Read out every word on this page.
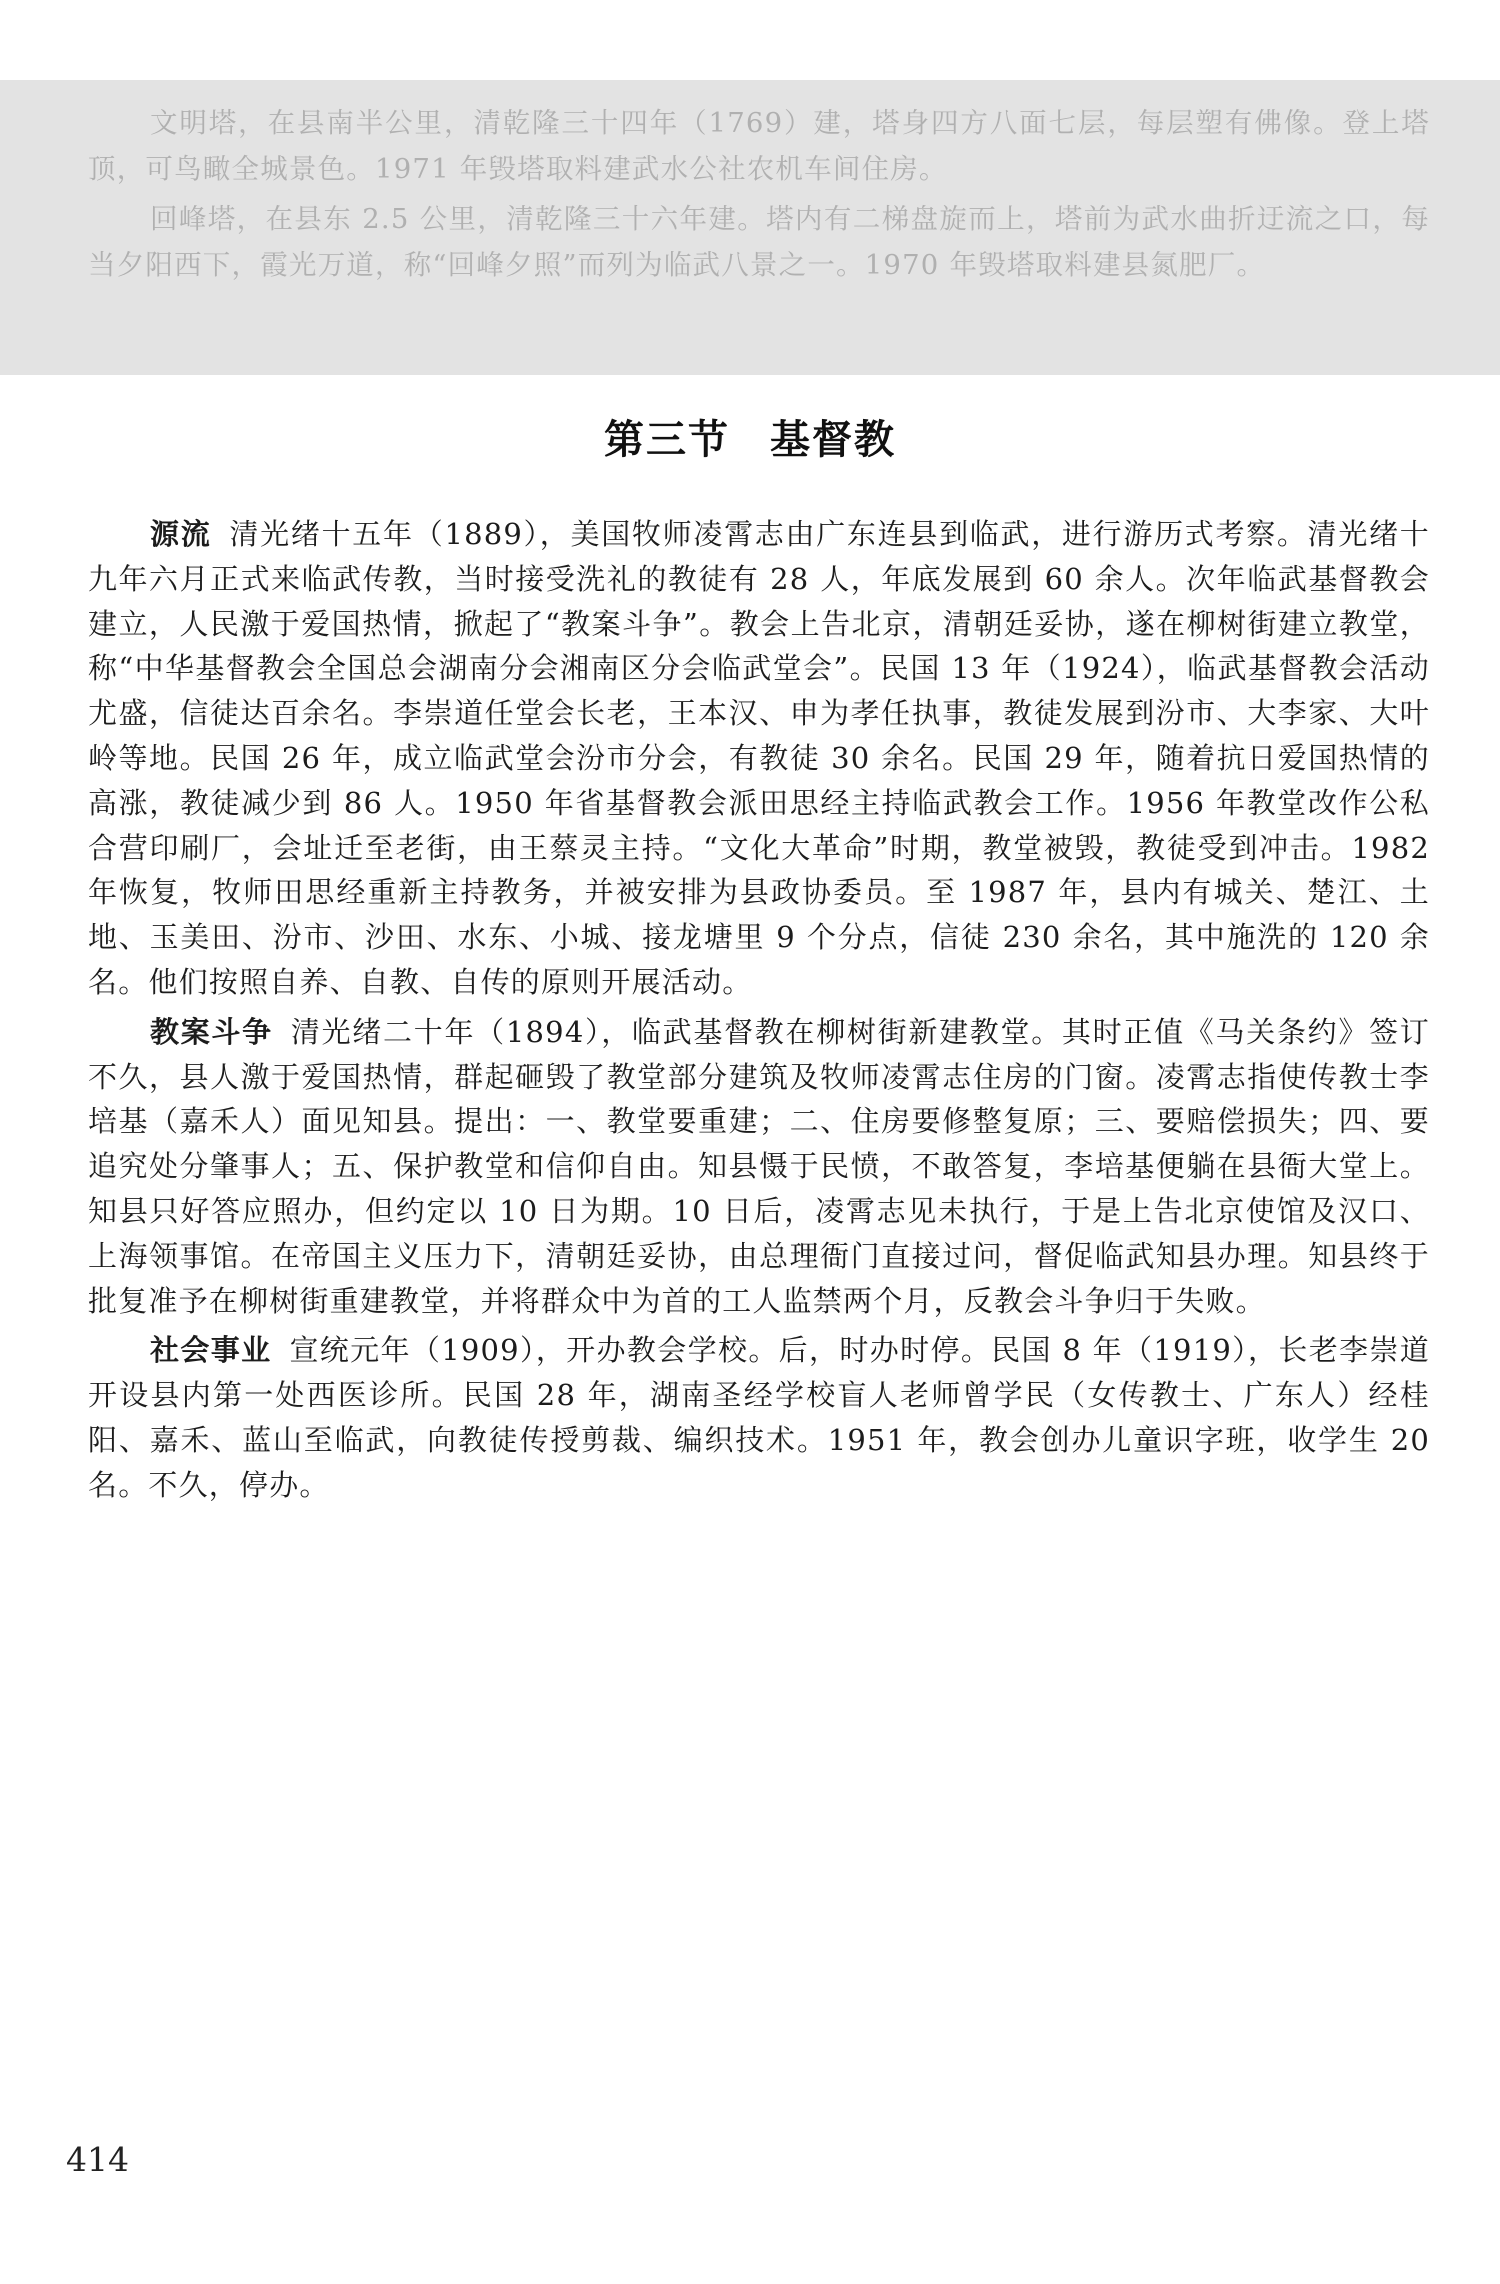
文明塔，在县南半公里，清乾隆三十四年（1769）建，塔身四方八面七层，每层塑有佛像。登上塔顶，可鸟瞰全城景色。1971 年毁塔取料建武水公社农机车间住房。

回峰塔，在县东 2.5 公里，清乾隆三十六年建。塔内有二梯盘旋而上，塔前为武水曲折迂流之口，每当夕阳西下，霞光万道，称“回峰夕照”而列为临武八景之一。1970 年毁塔取料建县氮肥厂。

第三节 基督教

源流 清光绪十五年（1889），美国牧师凌霄志由广东连县到临武，进行游历式考察。清光绪十九年六月正式来临武传教，当时接受洗礼的教徒有 28 人，年底发展到 60 余人。次年临武基督教会建立，人民激于爱国热情，掀起了“教案斗争”。教会上告北京，清朝廷妥协，遂在柳树街建立教堂，称“中华基督教会全国总会湖南分会湘南区分会临武堂会”。民国 13 年（1924），临武基督教会活动尤盛，信徒达百余名。李崇道任堂会长老，王本汉、申为孝任执事，教徒发展到汾市、大李家、大叶岭等地。民国 26 年，成立临武堂会汾市分会，有教徒 30 余名。民国 29 年，随着抗日爱国热情的高涨，教徒减少到 86 人。1950 年省基督教会派田思经主持临武教会工作。1956 年教堂改作公私合营印刷厂，会址迁至老街，由王蔡灵主持。“文化大革命”时期，教堂被毁，教徒受到冲击。1982 年恢复，牧师田思经重新主持教务，并被安排为县政协委员。至 1987 年，县内有城关、楚江、土地、玉美田、汾市、沙田、水东、小城、接龙塘里 9 个分点，信徒 230 余名，其中施洗的 120 余名。他们按照自养、自教、自传的原则开展活动。

教案斗争 清光绪二十年（1894），临武基督教在柳树街新建教堂。其时正值《马关条约》签订不久，县人激于爱国热情，群起砸毁了教堂部分建筑及牧师凌霄志住房的门窗。凌霄志指使传教士李培基（嘉禾人）面见知县。提出：一、教堂要重建；二、住房要修整复原；三、要赔偿损失；四、要追究处分肇事人；五、保护教堂和信仰自由。知县慑于民愤，不敢答复，李培基便躺在县衙大堂上。知县只好答应照办，但约定以 10 日为期。10 日后，凌霄志见未执行，于是上告北京使馆及汉口、上海领事馆。在帝国主义压力下，清朝廷妥协，由总理衙门直接过问，督促临武知县办理。知县终于批复准予在柳树街重建教堂，并将群众中为首的工人监禁两个月，反教会斗争归于失败。

社会事业 宣统元年（1909），开办教会学校。后，时办时停。民国 8 年（1919），长老李崇道开设县内第一处西医诊所。民国 28 年，湖南圣经学校盲人老师曾学民（女传教士、广东人）经桂阳、嘉禾、蓝山至临武，向教徒传授剪裁、编织技术。1951 年，教会创办儿童识字班，收学生 20 名。不久，停办。

414
